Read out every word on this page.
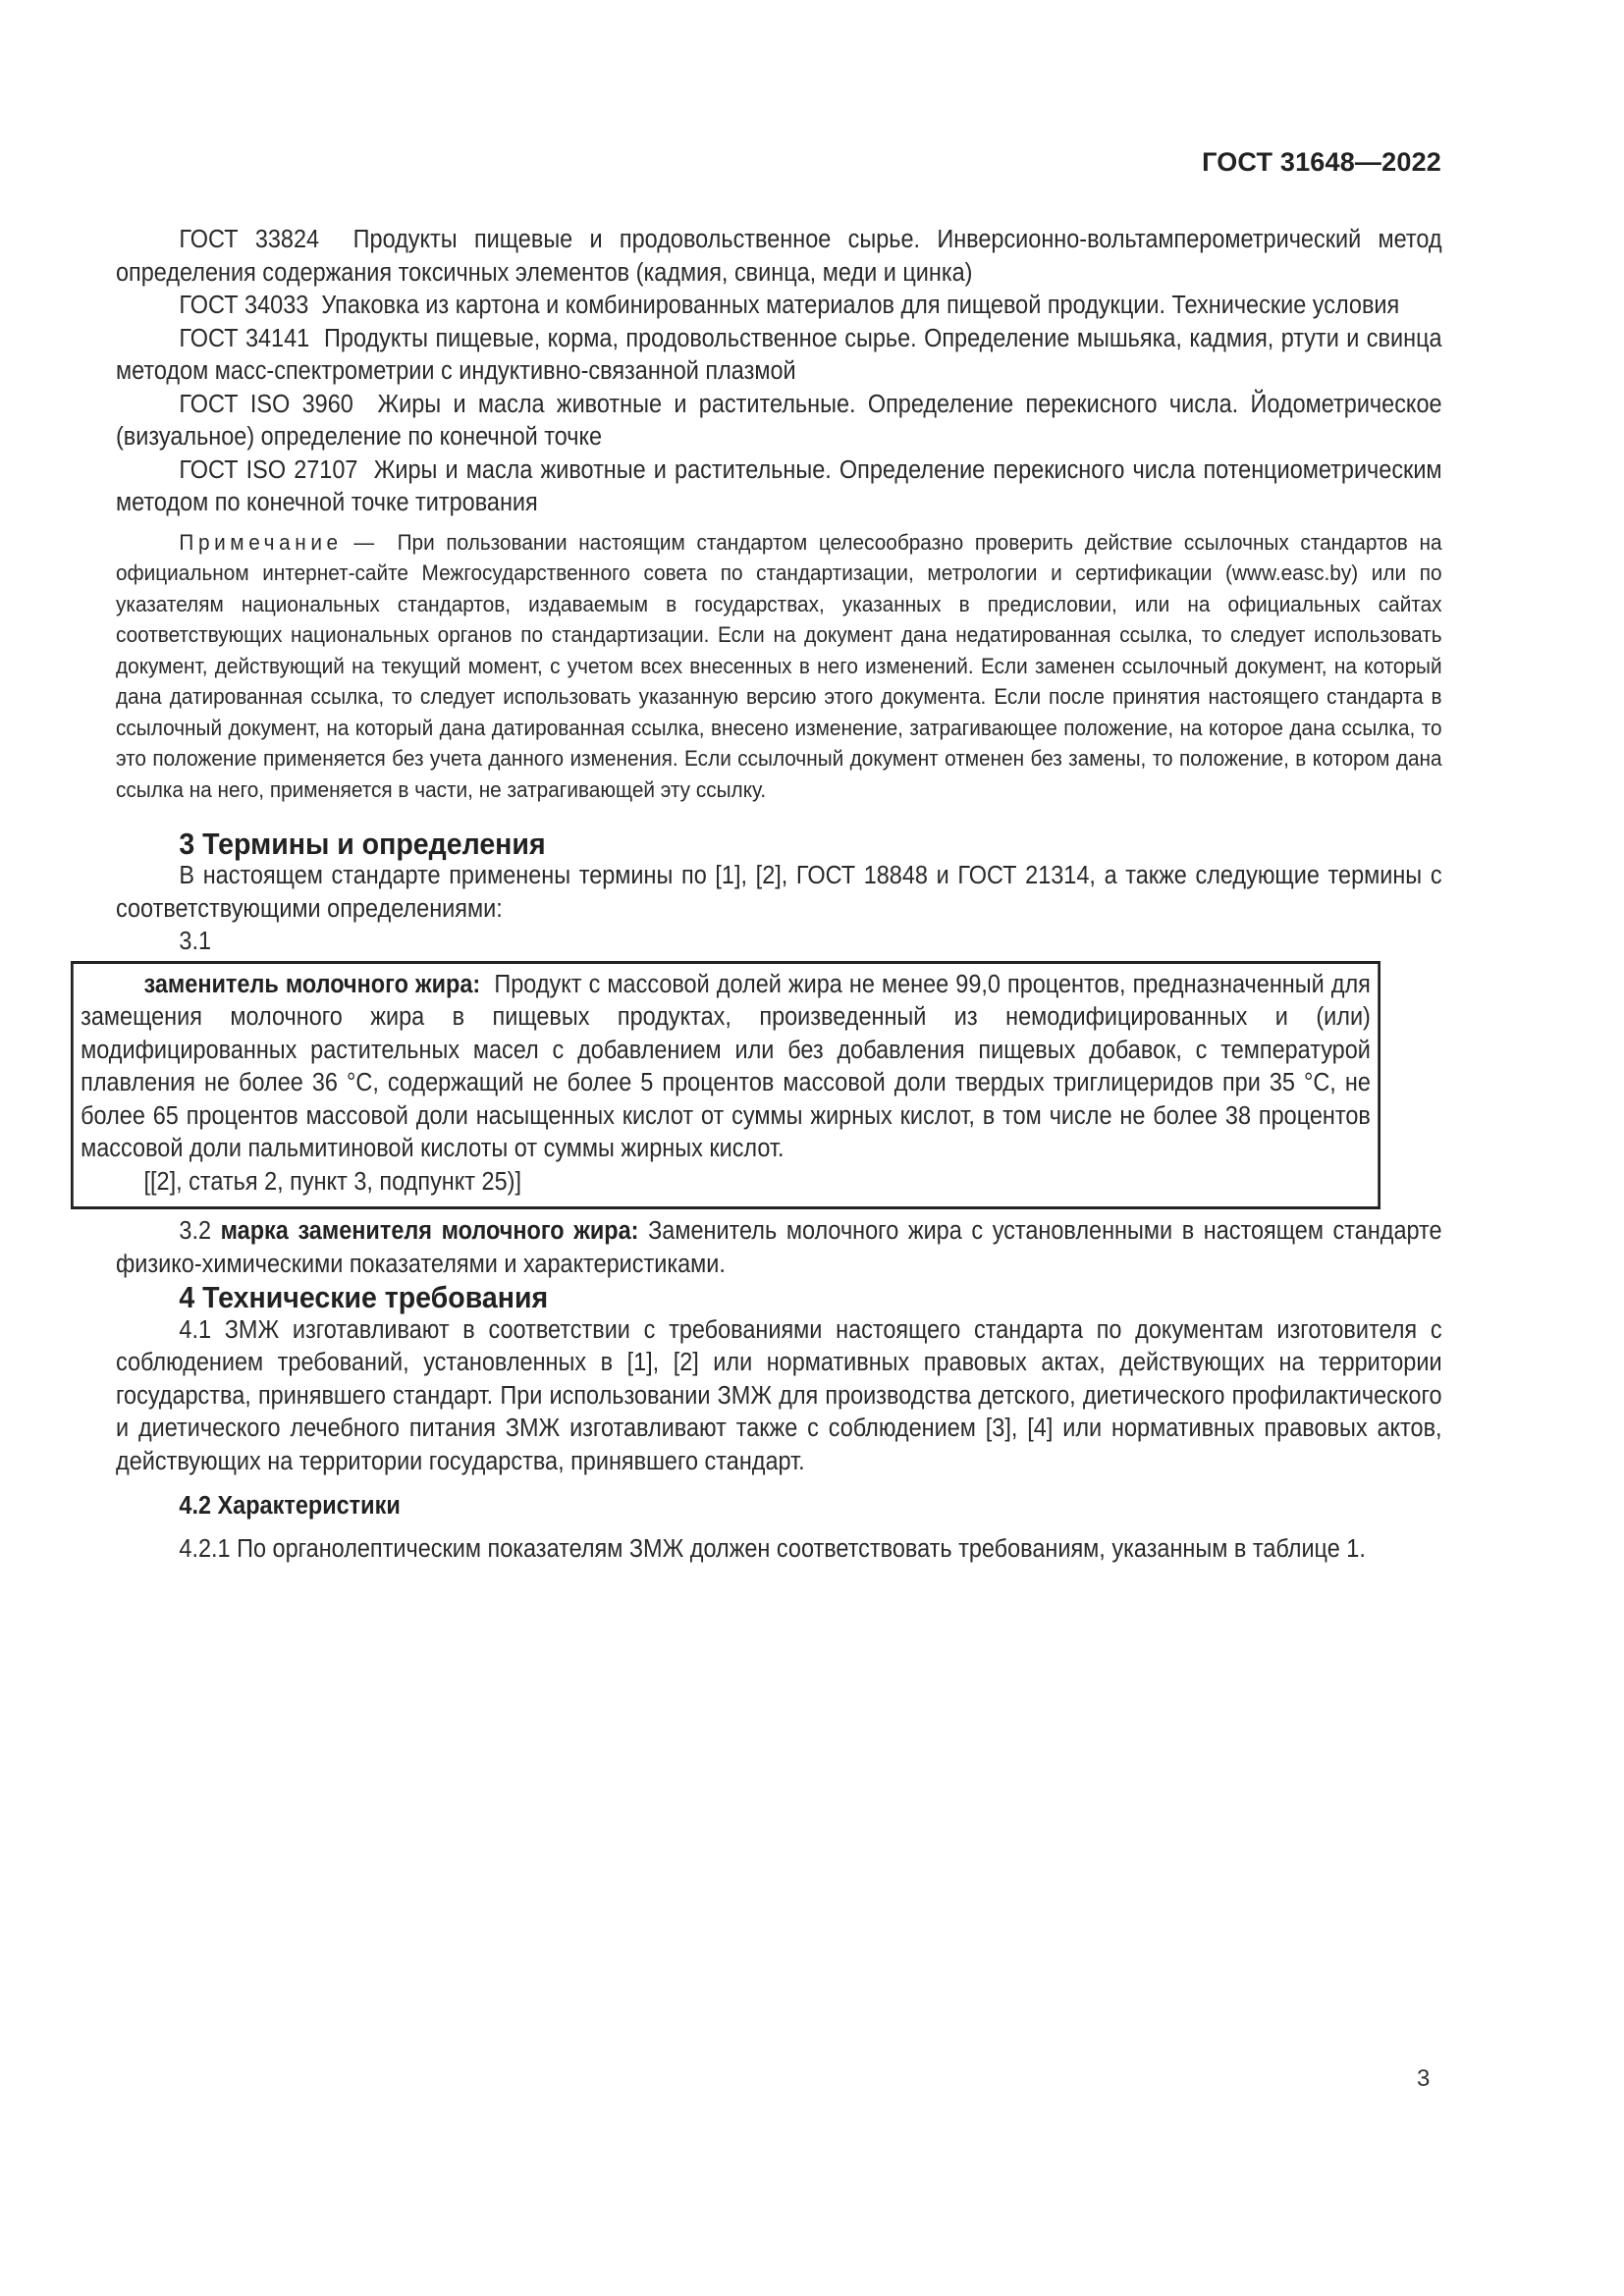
ГОСТ 31648—2022

ГОСТ 33824 Продукты пищевые и продовольственное сырье. Инверсионно-вольтамперометрический метод определения содержания токсичных элементов (кадмия, свинца, меди и цинка)

ГОСТ 34033 Упаковка из картона и комбинированных материалов для пищевой продукции. Технические условия

ГОСТ 34141 Продукты пищевые, корма, продовольственное сырье. Определение мышьяка, кадмия, ртути и свинца методом масс-спектрометрии с индуктивно-связанной плазмой

ГОСТ ISO 3960 Жиры и масла животные и растительные. Определение перекисного числа. Йодометрическое (визуальное) определение по конечной точке

ГОСТ ISO 27107 Жиры и масла животные и растительные. Определение перекисного числа потенциометрическим методом по конечной точке титрования

Примечание — При пользовании настоящим стандартом целесообразно проверить действие ссылочных стандартов на официальном интернет-сайте Межгосударственного совета по стандартизации, метрологии и сертификации (www.easc.by) или по указателям национальных стандартов, издаваемым в государствах, указанных в предисловии, или на официальных сайтах соответствующих национальных органов по стандартизации. Если на документ дана недатированная ссылка, то следует использовать документ, действующий на текущий момент, с учетом всех внесенных в него изменений. Если заменен ссылочный документ, на который дана датированная ссылка, то следует использовать указанную версию этого документа. Если после принятия настоящего стандарта в ссылочный документ, на который дана датированная ссылка, внесено изменение, затрагивающее положение, на которое дана ссылка, то это положение применяется без учета данного изменения. Если ссылочный документ отменен без замены, то положение, в котором дана ссылка на него, применяется в части, не затрагивающей эту ссылку.

3 Термины и определения

В настоящем стандарте применены термины по [1], [2], ГОСТ 18848 и ГОСТ 21314, а также следующие термины с соответствующими определениями:

3.1

заменитель молочного жира: Продукт с массовой долей жира не менее 99,0 процентов, предназначенный для замещения молочного жира в пищевых продуктах, произведенный из немодифицированных и (или) модифицированных растительных масел с добавлением или без добавления пищевых добавок, с температурой плавления не более 36 °С, содержащий не более 5 процентов массовой доли твердых триглицеридов при 35 °С, не более 65 процентов массовой доли насыщенных кислот от суммы жирных кислот, в том числе не более 38 процентов массовой доли пальмитиновой кислоты от суммы жирных кислот.

[[2], статья 2, пункт 3, подпункт 25)]

3.2 марка заменителя молочного жира: Заменитель молочного жира с установленными в настоящем стандарте физико-химическими показателями и характеристиками.

4 Технические требования

4.1 ЗМЖ изготавливают в соответствии с требованиями настоящего стандарта по документам изготовителя с соблюдением требований, установленных в [1], [2] или нормативных правовых актах, действующих на территории государства, принявшего стандарт. При использовании ЗМЖ для производства детского, диетического профилактического и диетического лечебного питания ЗМЖ изготавливают также с соблюдением [3], [4] или нормативных правовых актов, действующих на территории государства, принявшего стандарт.

4.2 Характеристики

4.2.1 По органолептическим показателям ЗМЖ должен соответствовать требованиям, указанным в таблице 1.

3
